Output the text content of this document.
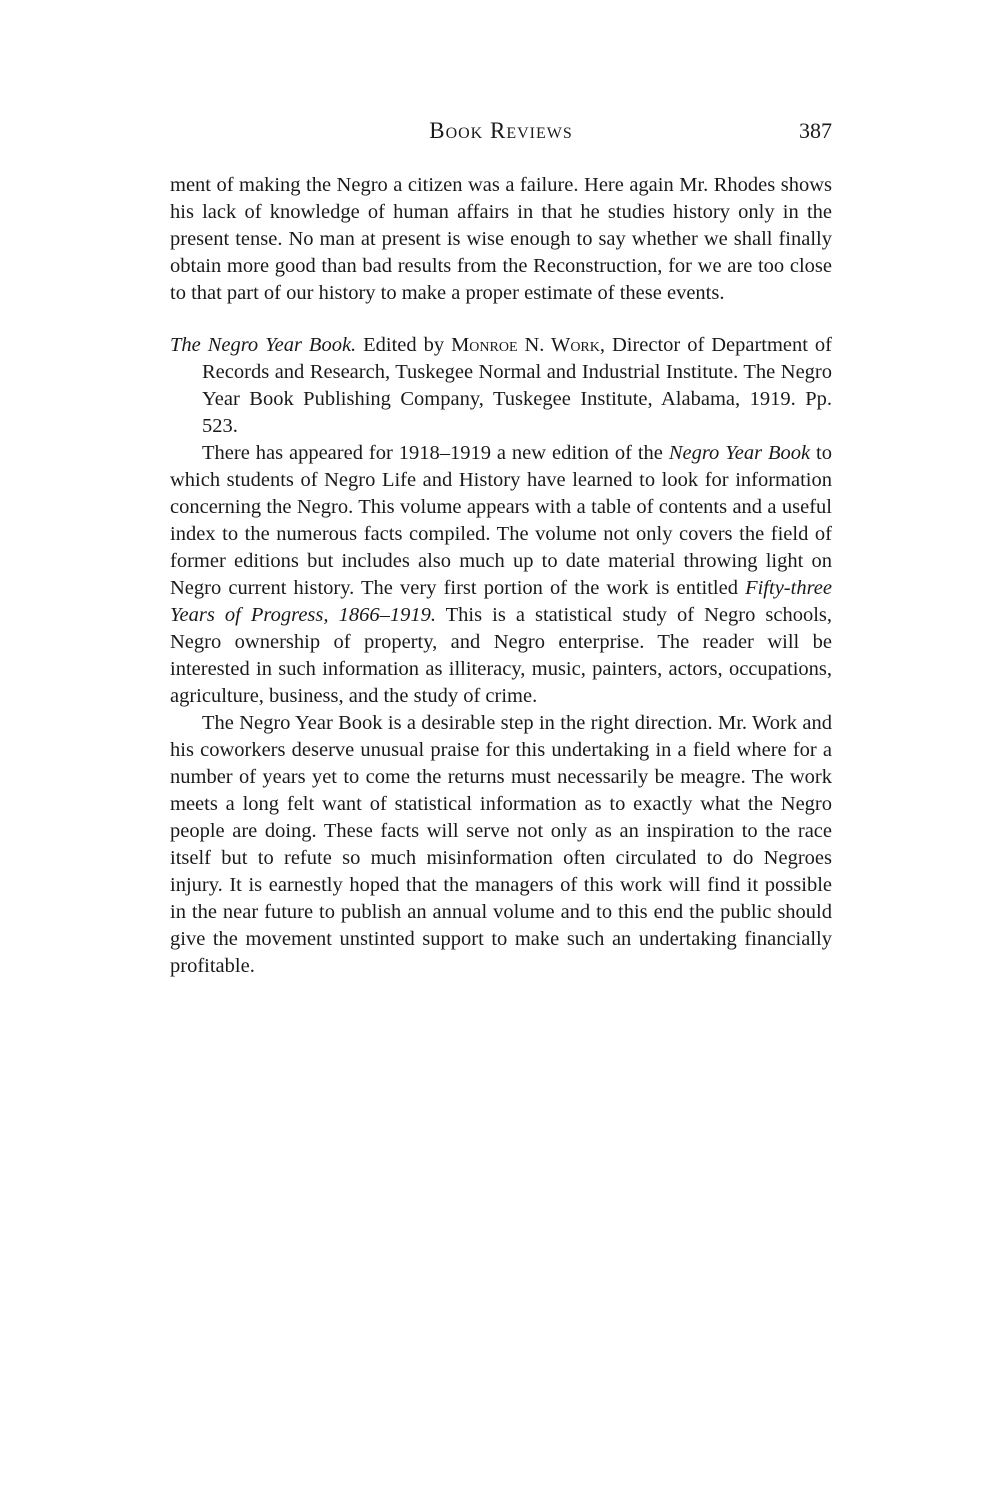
Book Reviews	387

ment of making the Negro a citizen was a failure. Here again Mr. Rhodes shows his lack of knowledge of human affairs in that he studies history only in the present tense. No man at present is wise enough to say whether we shall finally obtain more good than bad results from the Reconstruction, for we are too close to that part of our history to make a proper estimate of these events.

The Negro Year Book. Edited by Monroe N. Work, Director of Department of Records and Research, Tuskegee Normal and Industrial Institute. The Negro Year Book Publishing Company, Tuskegee Institute, Alabama, 1919. Pp. 523.

There has appeared for 1918–1919 a new edition of the Negro Year Book to which students of Negro Life and History have learned to look for information concerning the Negro. This volume appears with a table of contents and a useful index to the numerous facts compiled. The volume not only covers the field of former editions but includes also much up to date material throwing light on Negro current history. The very first portion of the work is entitled Fifty-three Years of Progress, 1866–1919. This is a statistical study of Negro schools, Negro ownership of property, and Negro enterprise. The reader will be interested in such information as illiteracy, music, painters, actors, occupations, agriculture, business, and the study of crime.

The Negro Year Book is a desirable step in the right direction. Mr. Work and his coworkers deserve unusual praise for this undertaking in a field where for a number of years yet to come the returns must necessarily be meagre. The work meets a long felt want of statistical information as to exactly what the Negro people are doing. These facts will serve not only as an inspiration to the race itself but to refute so much misinformation often circulated to do Negroes injury. It is earnestly hoped that the managers of this work will find it possible in the near future to publish an annual volume and to this end the public should give the movement unstinted support to make such an undertaking financially profitable.
